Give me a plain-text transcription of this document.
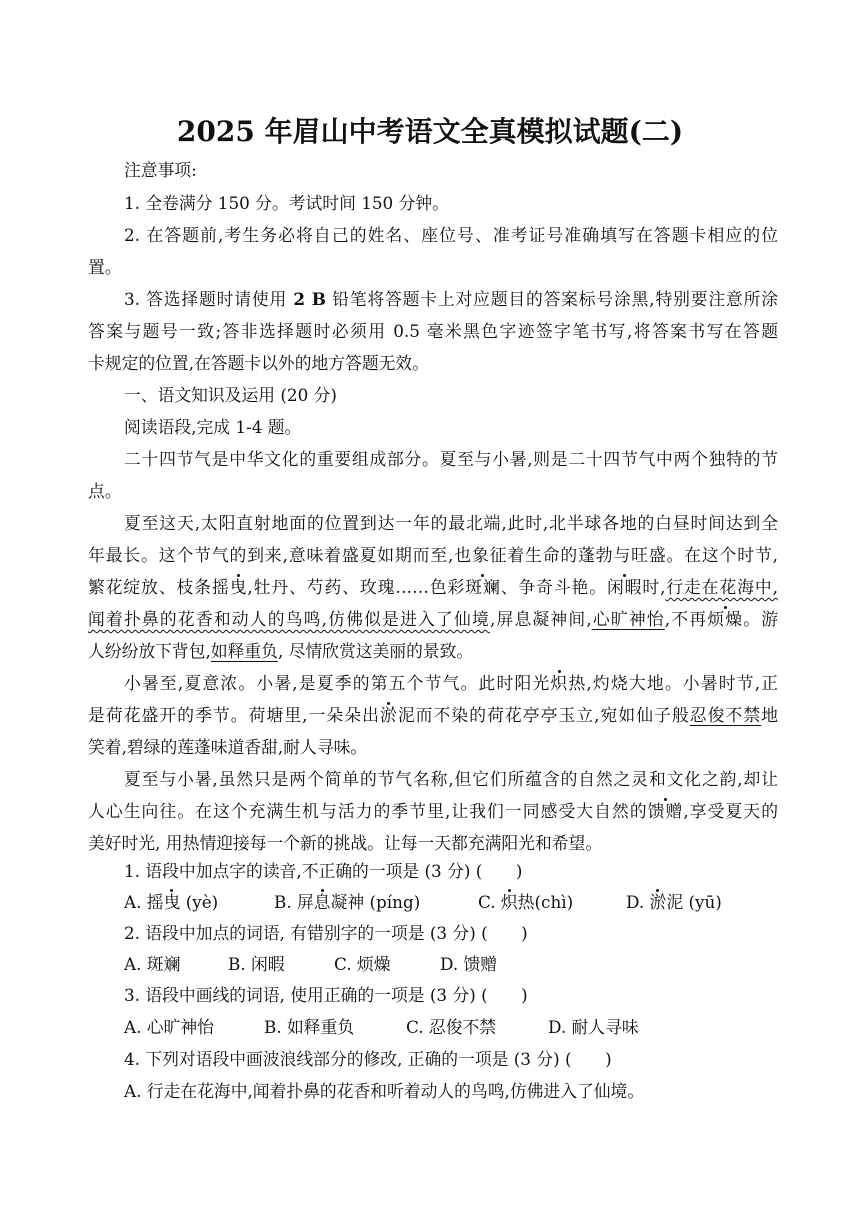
2025 年眉山中考语文全真模拟试题(二)
注意事项:
1. 全卷满分 150 分。考试时间 150 分钟。
2. 在答题前,考生务必将自己的姓名、座位号、准考证号准确填写在答题卡相应的位
置。
3. 答选择题时请使用 2 B 铅笔将答题卡上对应题目的答案标号涂黑,特别要注意所涂
答案与题号一致;答非选择题时必须用 0.5 毫米黑色字迹签字笔书写,将答案书写在答题
卡规定的位置,在答题卡以外的地方答题无效。
一、语文知识及运用 (20 分)
阅读语段,完成 1-4 题。
二十四节气是中华文化的重要组成部分。夏至与小暑,则是二十四节气中两个独特的节
点。
夏至这天,太阳直射地面的位置到达一年的最北端,此时,北半球各地的白昼时间达到全
年最长。这个节气的到来,意味着盛夏如期而至,也象征着生命的蓬勃与旺盛。在这个时节,
繁花绽放、枝条摇曳,牡丹、芍药、玫瑰……色彩斑斓、争奇斗艳。闲暇时,行走在花海中,
闻着扑鼻的花香和动人的鸟鸣,仿佛似是进入了仙境,屏息凝神间,心旷神怡,不再烦燥。游
人纷纷放下背包,如释重负, 尽情欣赏这美丽的景致。
小暑至,夏意浓。小暑,是夏季的第五个节气。此时阳光炽热,灼烧大地。小暑时节,正
是荷花盛开的季节。荷塘里,一朵朵出淤泥而不染的荷花亭亭玉立,宛如仙子般忍俊不禁地
笑着,碧绿的莲蓬味道香甜,耐人寻味。
夏至与小暑,虽然只是两个简单的节气名称,但它们所蕴含的自然之灵和文化之韵,却让
人心生向往。在这个充满生机与活力的季节里,让我们一同感受大自然的馈赠,享受夏天的
美好时光, 用热情迎接每一个新的挑战。让每一天都充满阳光和希望。
1. 语段中加点字的读音,不正确的一项是 (3 分) (　　)
A. 摇曳 (yè)	B. 屏息凝神 (píng)	C. 炽热(chì)	D. 淤泥 (yū)
2. 语段中加点的词语, 有错别字的一项是 (3 分) (　　)
A. 斑斓	B. 闲暇	C. 烦燥	D. 馈赠
3. 语段中画线的词语, 使用正确的一项是 (3 分) (　　)
A. 心旷神怡	B. 如释重负	C. 忍俊不禁	D. 耐人寻味
4. 下列对语段中画波浪线部分的修改, 正确的一项是 (3 分) (　　)
A. 行走在花海中,闻着扑鼻的花香和听着动人的鸟鸣,仿佛进入了仙境。
